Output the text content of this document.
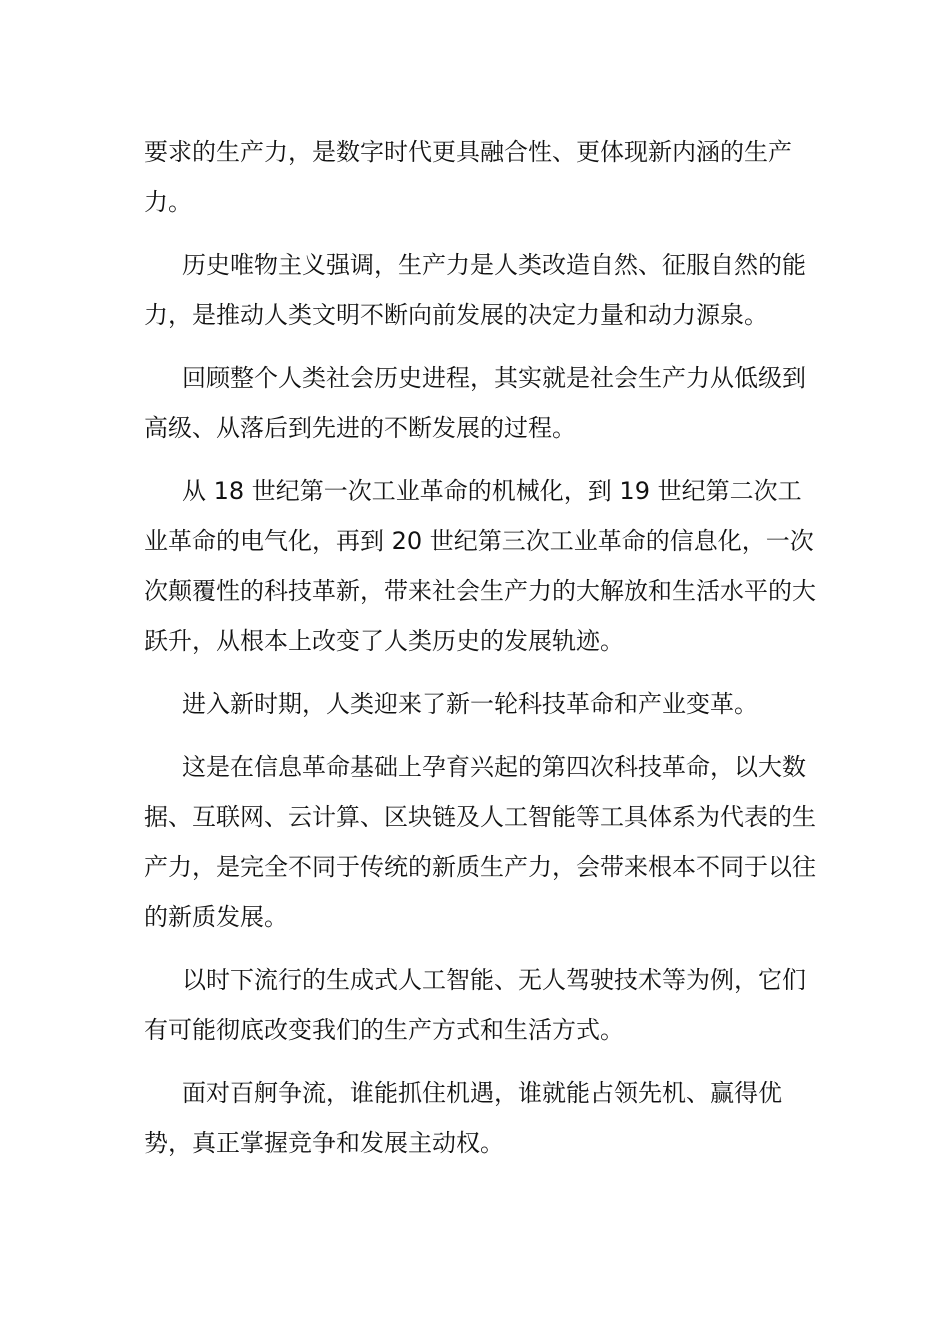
要求的生产力，是数字时代更具融合性、更体现新内涵的生产力。

历史唯物主义强调，生产力是人类改造自然、征服自然的能力，是推动人类文明不断向前发展的决定力量和动力源泉。

回顾整个人类社会历史进程，其实就是社会生产力从低级到高级、从落后到先进的不断发展的过程。

从 18 世纪第一次工业革命的机械化，到 19 世纪第二次工业革命的电气化，再到 20 世纪第三次工业革命的信息化，一次次颠覆性的科技革新，带来社会生产力的大解放和生活水平的大跃升，从根本上改变了人类历史的发展轨迹。

进入新时期，人类迎来了新一轮科技革命和产业变革。

这是在信息革命基础上孕育兴起的第四次科技革命，以大数据、互联网、云计算、区块链及人工智能等工具体系为代表的生产力，是完全不同于传统的新质生产力，会带来根本不同于以往的新质发展。

以时下流行的生成式人工智能、无人驾驶技术等为例，它们有可能彻底改变我们的生产方式和生活方式。

面对百舸争流，谁能抓住机遇，谁就能占领先机、赢得优势，真正掌握竞争和发展主动权。
